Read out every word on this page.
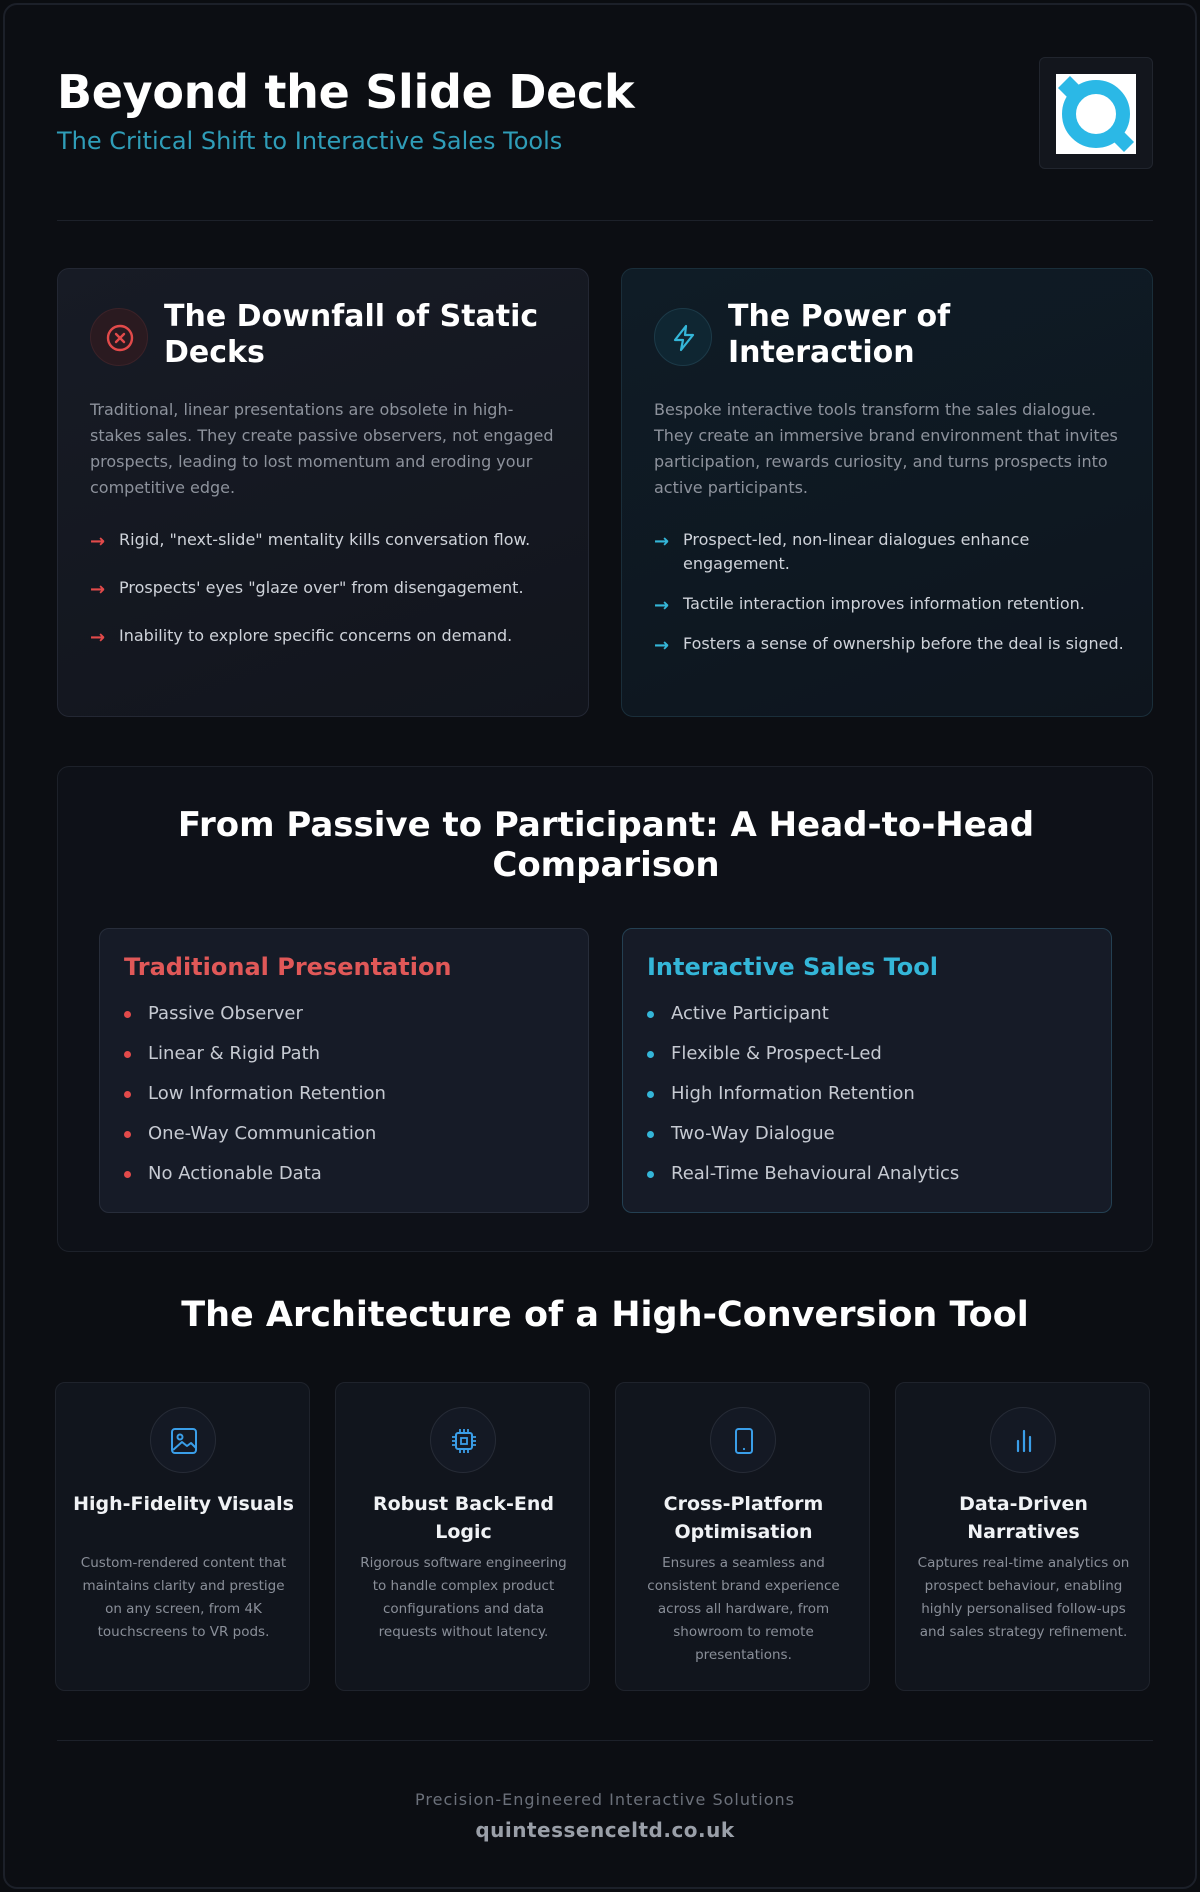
Beyond the Slide Deck
The Critical Shift to Interactive Sales Tools
The Downfall of Static Decks

Traditional, linear presentations are obsolete in high-stakes sales. They create passive observers, not engaged prospects, leading to lost momentum and eroding your competitive edge.

→ Rigid, "next-slide" mentality kills conversation flow.
→ Prospects' eyes "glaze over" from disengagement.
→ Inability to explore specific concerns on demand.
The Power of Interaction

Bespoke interactive tools transform the sales dialogue. They create an immersive brand environment that invites participation, rewards curiosity, and turns prospects into active participants.

→ Prospect-led, non-linear dialogues enhance engagement.
→ Tactile interaction improves information retention.
→ Fosters a sense of ownership before the deal is signed.
From Passive to Participant: A Head-to-Head Comparison
Traditional Presentation
Passive Observer
Linear & Rigid Path
Low Information Retention
One-Way Communication
No Actionable Data
Interactive Sales Tool
Active Participant
Flexible & Prospect-Led
High Information Retention
Two-Way Dialogue
Real-Time Behavioural Analytics
The Architecture of a High-Conversion Tool
High-Fidelity Visuals
Custom-rendered content that maintains clarity and prestige on any screen, from 4K touchscreens to VR pods.
Robust Back-End Logic
Rigorous software engineering to handle complex product configurations and data requests without latency.
Cross-Platform Optimisation
Ensures a seamless and consistent brand experience across all hardware, from showroom to remote presentations.
Data-Driven Narratives
Captures real-time analytics on prospect behaviour, enabling highly personalised follow-ups and sales strategy refinement.
Precision-Engineered Interactive Solutions
quintessenceltd.co.uk
